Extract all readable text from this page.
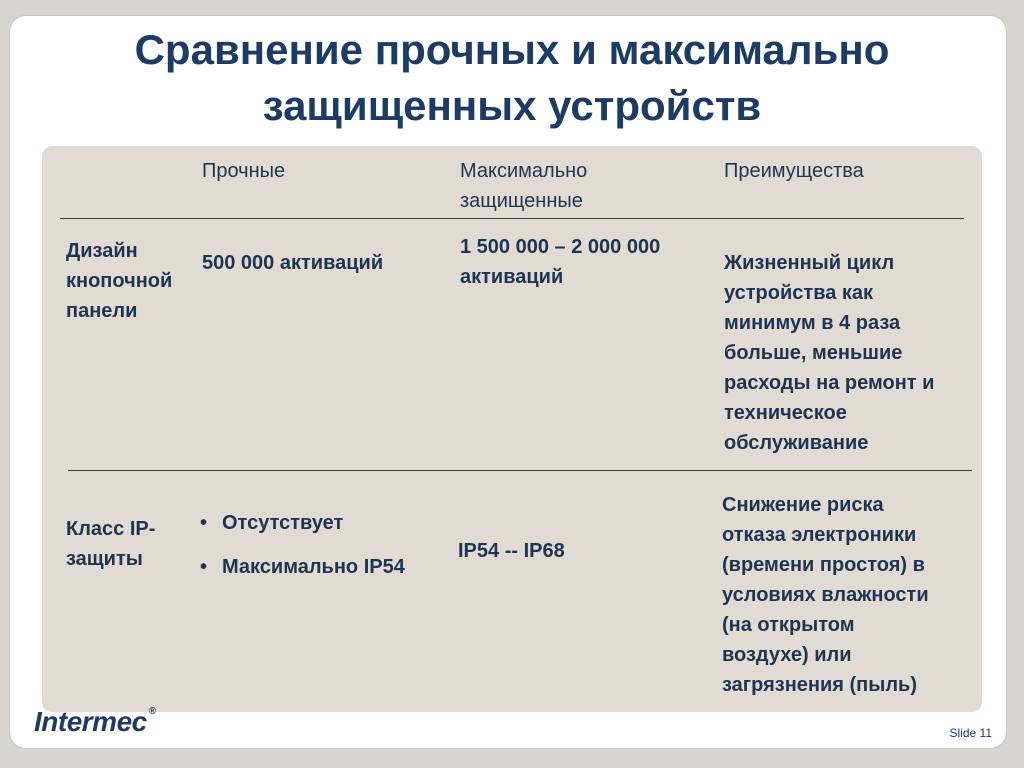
Сравнение прочных и максимально
защищенных устройств
Прочные	Максимально
защищенные
Преимущества
Дизайн
кнопочной
панели
500 000 активаций
1 500 000 – 2 000 000
активаций
Жизненный цикл
устройства как
минимум в 4 раза
больше, меньшие
расходы на ремонт и
техническое
обслуживание
Класс IP-
защиты
• Отсутствует
• Максимально IP54
IP54 -- IP68
Снижение риска
отказа электроники
(времени простоя) в
условиях влажности
(на открытом
воздухе) или
загрязнения (пыль)
Intermec ®
Slide 11
